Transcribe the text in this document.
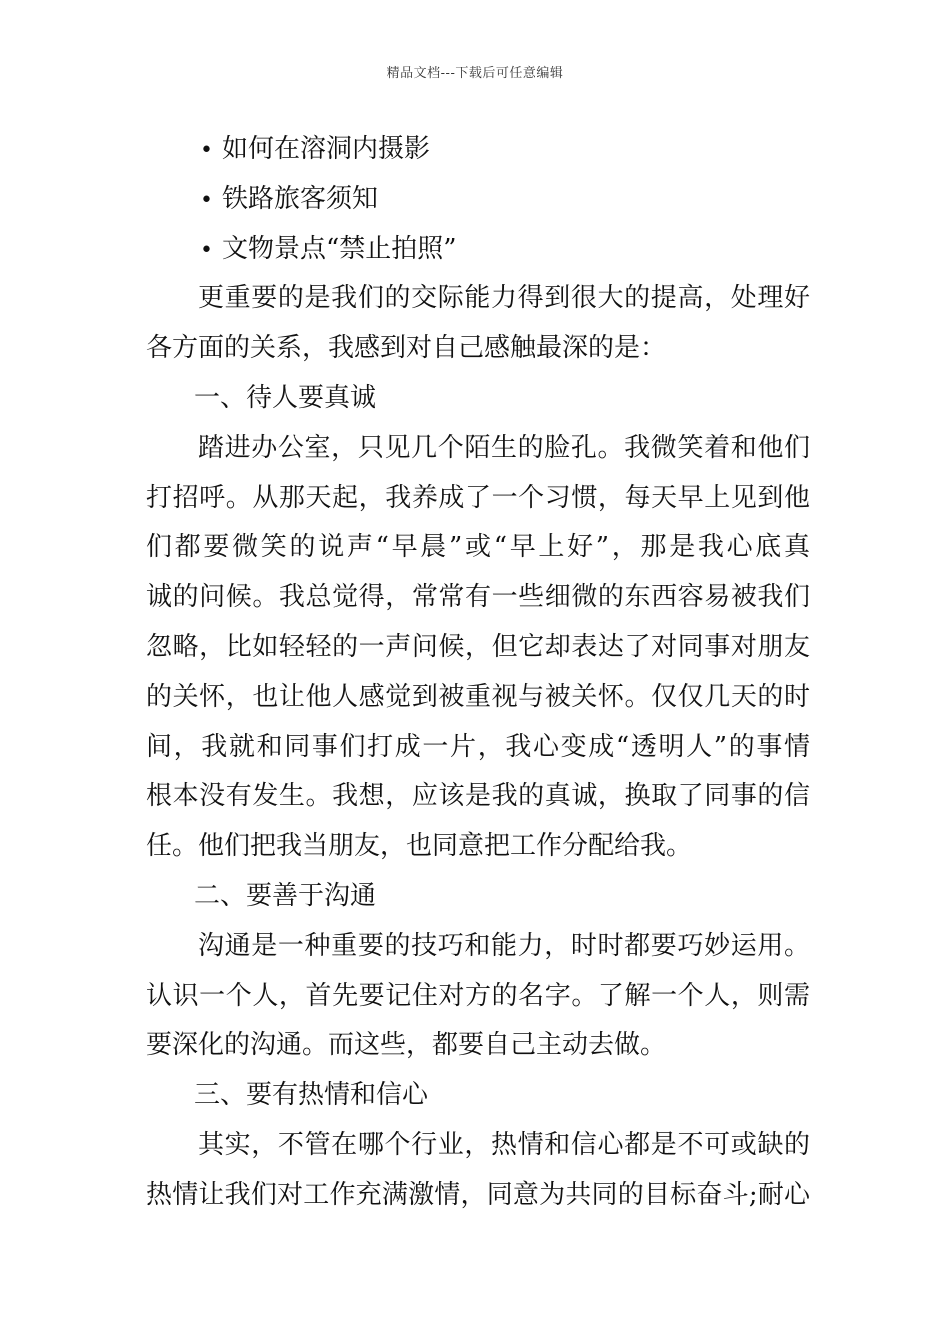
精品文档---下载后可任意编辑
• 如何在溶洞内摄影
• 铁路旅客须知
• 文物景点“禁止拍照”
更重要的是我们的交际能力得到很大的提高，处理好
各方面的关系，我感到对自己感触最深的是：
一、待人要真诚
踏进办公室，只见几个陌生的脸孔。我微笑着和他们
打招呼。从那天起，我养成了一个习惯，每天早上见到他
们都要微笑的说声“早晨”或“早上好”，那是我心底真
诚的问候。我总觉得，常常有一些细微的东西容易被我们
忽略，比如轻轻的一声问候，但它却表达了对同事对朋友
的关怀，也让他人感觉到被重视与被关怀。仅仅几天的时
间，我就和同事们打成一片，我心变成“透明人”的事情
根本没有发生。我想，应该是我的真诚，换取了同事的信
任。他们把我当朋友，也同意把工作分配给我。
二、要善于沟通
沟通是一种重要的技巧和能力，时时都要巧妙运用。
认识一个人，首先要记住对方的名字。了解一个人，则需
要深化的沟通。而这些，都要自己主动去做。
三、要有热情和信心
其实，不管在哪个行业，热情和信心都是不可或缺的
热情让我们对工作充满激情，同意为共同的目标奋斗;耐心
